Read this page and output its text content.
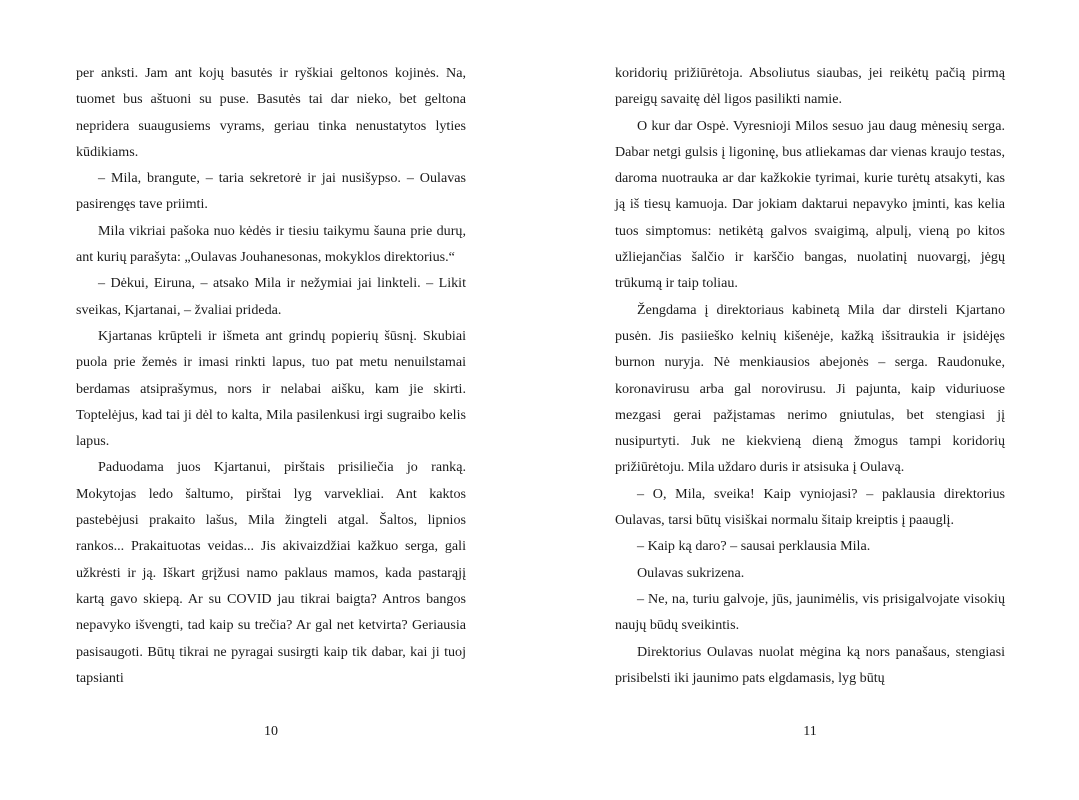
per anksti. Jam ant kojų basutės ir ryškiai geltonos kojinės. Na, tuomet bus aštuoni su puse. Basutės tai dar nieko, bet geltona nepridera suaugusiems vyrams, geriau tinka nenustatytos lyties kūdikiams.

– Mila, brangute, – taria sekretorė ir jai nusišypso. – Oulavas pasirengęs tave priimti.

Mila vikriai pašoka nuo kėdės ir tiesiu taikymu šauna prie durų, ant kurių parašyta: „Oulavas Jouhanesonas, mokyklos direktorius.“

– Dėkui, Eiruna, – atsako Mila ir nežymiai jai linkteli. – Likit sveikas, Kjartanai, – žvaliai prideda.

Kjartanas krūpteli ir išmeta ant grindų popierių šūsnį. Skubiai puola prie žemės ir imasi rinkti lapus, tuo pat metu nenuilstamai berdamas atsiprašymus, nors ir nelabai aišku, kam jie skirti. Toptelėjus, kad tai ji dėl to kalta, Mila pasilenkusi irgi sugraibo kelis lapus.

Paduodama juos Kjartanui, pirštais prisiliečia jo ranką. Mokytojas ledo šaltumo, pirštai lyg varvekliai. Ant kaktos pastebėjusi prakaito lašus, Mila žingteli atgal. Šaltos, lipnios rankos... Prakaituotas veidas... Jis akivaizdžiai kažkuo serga, gali užkrėsti ir ją. Iškart grįžusi namo paklaus mamos, kada pastarąjį kartą gavo skiepą. Ar su COVID jau tikrai baigta? Antros bangos nepavyko išvengti, tad kaip su trečia? Ar gal net ketvirta? Geriausia pasisaugoti. Būtų tikrai ne pyragai susirgti kaip tik dabar, kai ji tuoj tapsianti

10

koridorių prižiūrėtoja. Absoliutus siaubas, jei reikėtų pačią pirmą pareigų savaitę dėl ligos pasilikti namie.

O kur dar Ospė. Vyresnioji Milos sesuo jau daug mėnesių serga. Dabar netgi gulsis į ligoninę, bus atliekamas dar vienas kraujo testas, daroma nuotrauka ar dar kažkokie tyrimai, kurie turėtų atsakyti, kas ją iš tiesų kamuoja. Dar jokiam daktarui nepavyko įminti, kas kelia tuos simptomus: netikėtą galvos svaigimą, alpulį, vieną po kitos užliejančias šalčio ir karščio bangas, nuolatinį nuovargį, jėgų trūkumą ir taip toliau.

Žengdama į direktoriaus kabinetą Mila dar dirsteli Kjartano pusėn. Jis pasiieško kelnių kišenėje, kažką išsitraukia ir įsidėjęs burnon nuryja. Nė menkiausios abejonės – serga. Raudonuke, koronavirusu arba gal norovirusu. Ji pajunta, kaip viduriuose mezgasi gerai pažįstamas nerimo gniutulas, bet stengiasi jį nusipurtyti. Juk ne kiekvieną dieną žmogus tampi koridorių prižiūrėtoju. Mila uždaro duris ir atsisuka į Oulavą.

– O, Mila, sveika! Kaip vyniojasi? – paklausia direktorius Oulavas, tarsi būtų visiškai normalu šitaip kreiptis į paauglį.

– Kaip ką daro? – sausai perklausia Mila.

Oulavas sukrizena.

– Ne, na, turiu galvoje, jūs, jaunimėlis, vis prisigalvojate visokių naujų būdų sveikintis.

Direktorius Oulavas nuolat mėgina ką nors panašaus, stengiasi prisibelsti iki jaunimo pats elgdamasis, lyg būtų

11
